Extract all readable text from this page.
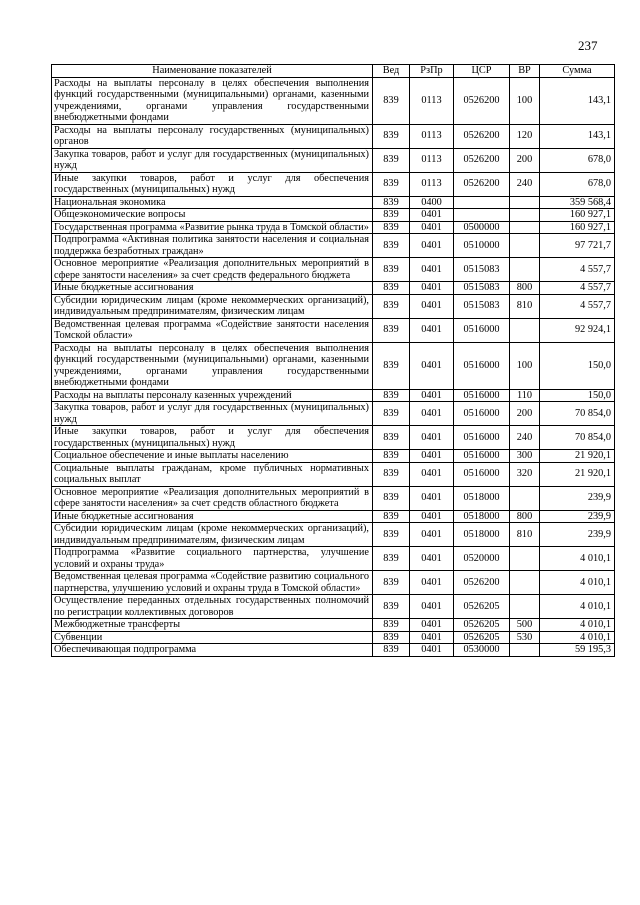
237
Наименование показателей	Вед	РзПр	ЦСР	ВР	Сумма
Расходы на выплаты персоналу в целях обеспечения выполнения функций государственными (муниципальными) органами, казенными учреждениями, органами управления государственными внебюджетными фондами	839	0113	0526200	100	143,1
Расходы на выплаты персоналу государственных (муниципальных) органов	839	0113	0526200	120	143,1
Закупка товаров, работ и услуг для государственных (муниципальных) нужд	839	0113	0526200	200	678,0
Иные закупки товаров, работ и услуг для обеспечения государственных (муниципальных) нужд	839	0113	0526200	240	678,0
Национальная экономика	839	0400			359 568,4
Общеэкономические вопросы	839	0401			160 927,1
Государственная программа «Развитие рынка труда в Томской области»	839	0401	0500000		160 927,1
Подпрограмма «Активная политика занятости населения и социальная поддержка безработных граждан»	839	0401	0510000		97 721,7
Основное мероприятие «Реализация дополнительных мероприятий в сфере занятости населения» за счет средств федерального бюджета	839	0401	0515083		4 557,7
Иные бюджетные ассигнования	839	0401	0515083	800	4 557,7
Субсидии юридическим лицам (кроме некоммерческих организаций), индивидуальным предпринимателям, физическим лицам	839	0401	0515083	810	4 557,7
Ведомственная целевая программа «Содействие занятости населения Томской области»	839	0401	0516000		92 924,1
Расходы на выплаты персоналу в целях обеспечения выполнения функций государственными (муниципальными) органами, казенными учреждениями, органами управления государственными внебюджетными фондами	839	0401	0516000	100	150,0
Расходы на выплаты персоналу казенных учреждений	839	0401	0516000	110	150,0
Закупка товаров, работ и услуг для государственных (муниципальных) нужд	839	0401	0516000	200	70 854,0
Иные закупки товаров, работ и услуг для обеспечения государственных (муниципальных) нужд	839	0401	0516000	240	70 854,0
Социальное обеспечение и иные выплаты населению	839	0401	0516000	300	21 920,1
Социальные выплаты гражданам, кроме публичных нормативных социальных выплат	839	0401	0516000	320	21 920,1
Основное мероприятие «Реализация дополнительных мероприятий в сфере занятости населения» за счет средств областного бюджета	839	0401	0518000		239,9
Иные бюджетные ассигнования	839	0401	0518000	800	239,9
Субсидии юридическим лицам (кроме некоммерческих организаций), индивидуальным предпринимателям, физическим лицам	839	0401	0518000	810	239,9
Подпрограмма «Развитие социального партнерства, улучшение условий и охраны труда»	839	0401	0520000		4 010,1
Ведомственная целевая программа «Содействие развитию социального партнерства, улучшению условий и охраны труда в Томской области»	839	0401	0526200		4 010,1
Осуществление переданных отдельных государственных полномочий по регистрации коллективных договоров	839	0401	0526205		4 010,1
Межбюджетные трансферты	839	0401	0526205	500	4 010,1
Субвенции	839	0401	0526205	530	4 010,1
Обеспечивающая подпрограмма	839	0401	0530000		59 195,3
